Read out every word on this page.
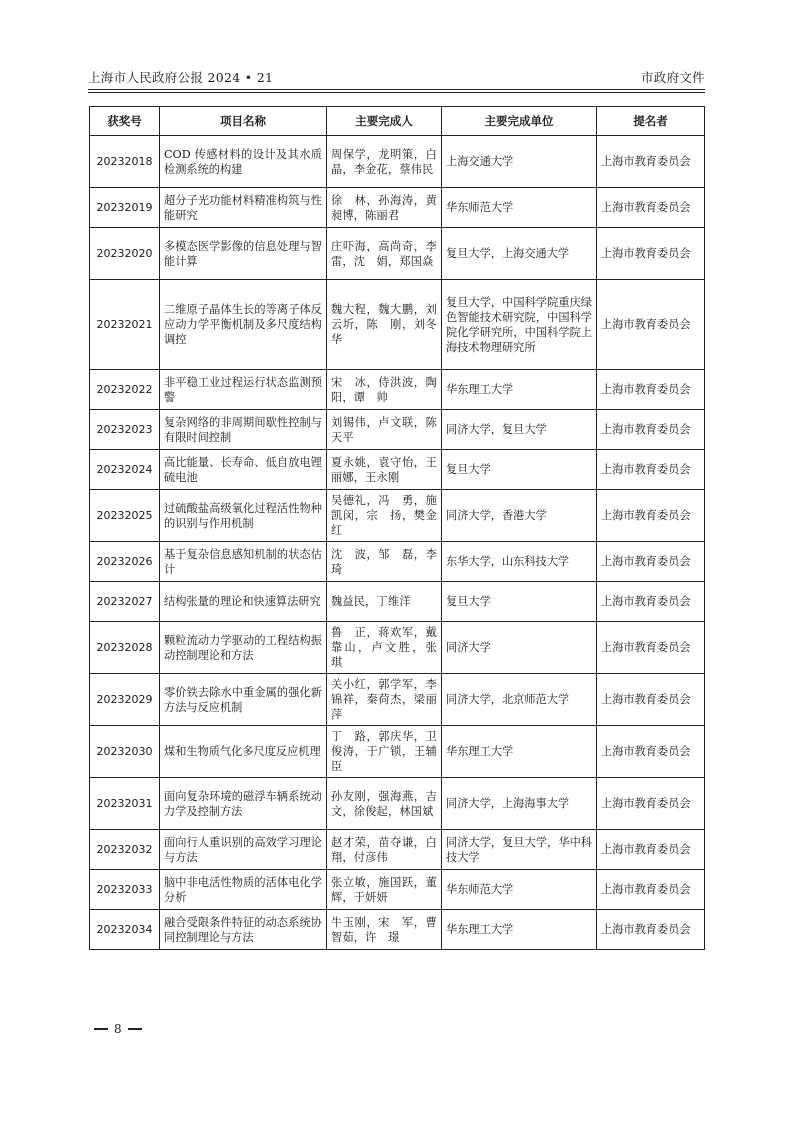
上海市人民政府公报 2024 • 21	市政府文件
获奖号	项目名称	主要完成人	主要完成单位	提名者
20232018	COD 传感材料的设计及其水质检测系统的构建	周保学，龙明策，白　晶，李金花，蔡伟民	上海交通大学	上海市教育委员会
20232019	超分子光功能材料精准构筑与性能研究	徐　林，孙海涛，黄昶博，陈丽君	华东师范大学	上海市教育委员会
20232020	多模态医学影像的信息处理与智能计算	庄吓海，高尚奇，李　雷，沈　娟，郑国焱	复旦大学，上海交通大学	上海市教育委员会
20232021	二维原子晶体生长的等离子体反应动力学平衡机制及多尺度结构调控	魏大程，魏大鹏，刘云圻，陈　刚，刘冬华	复旦大学，中国科学院重庆绿色智能技术研究院，中国科学院化学研究所，中国科学院上海技术物理研究所	上海市教育委员会
20232022	非平稳工业过程运行状态监测预警	宋　冰，侍洪波，陶　阳，谭　帅	华东理工大学	上海市教育委员会
20232023	复杂网络的非周期间歇性控制与有限时间控制	刘锡伟，卢文联，陈天平	同济大学，复旦大学	上海市教育委员会
20232024	高比能量、长寿命、低自放电锂硫电池	夏永姚，袁守怡，王丽娜，王永刚	复旦大学	上海市教育委员会
20232025	过硫酸盐高级氧化过程活性物种的识别与作用机制	吴德礼，冯　勇，施凯闵，宗　扬，樊金红	同济大学，香港大学	上海市教育委员会
20232026	基于复杂信息感知机制的状态估计	沈　波，邹　磊，李　琦	东华大学，山东科技大学	上海市教育委员会
20232027	结构张量的理论和快速算法研究	魏益民，丁维洋	复旦大学	上海市教育委员会
20232028	颗粒流动力学驱动的工程结构振动控制理论和方法	鲁　正，蒋欢军，戴靠山，卢文胜，张　琪	同济大学	上海市教育委员会
20232029	零价铁去除水中重金属的强化新方法与反应机制	关小红，郭学军，李锦祥，秦荷杰，梁丽萍	同济大学，北京师范大学	上海市教育委员会
20232030	煤和生物质气化多尺度反应机理	丁　路，郭庆华，卫俊涛，于广锁，王辅臣	华东理工大学	上海市教育委员会
20232031	面向复杂环境的磁浮车辆系统动力学及控制方法	孙友刚，强海燕，吉　文，徐俊起，林国斌	同济大学，上海海事大学	上海市教育委员会
20232032	面向行人重识别的高效学习理论与方法	赵才荣，苗夺谦，白　翔，付彦伟	同济大学，复旦大学，华中科技大学	上海市教育委员会
20232033	脑中非电活性物质的活体电化学分析	张立敏，施国跃，董　辉，于妍妍	华东师范大学	上海市教育委员会
20232034	融合受限条件特征的动态系统协同控制理论与方法	牛玉刚，宋　军，曹智茹，许　璟	华东理工大学	上海市教育委员会
8
